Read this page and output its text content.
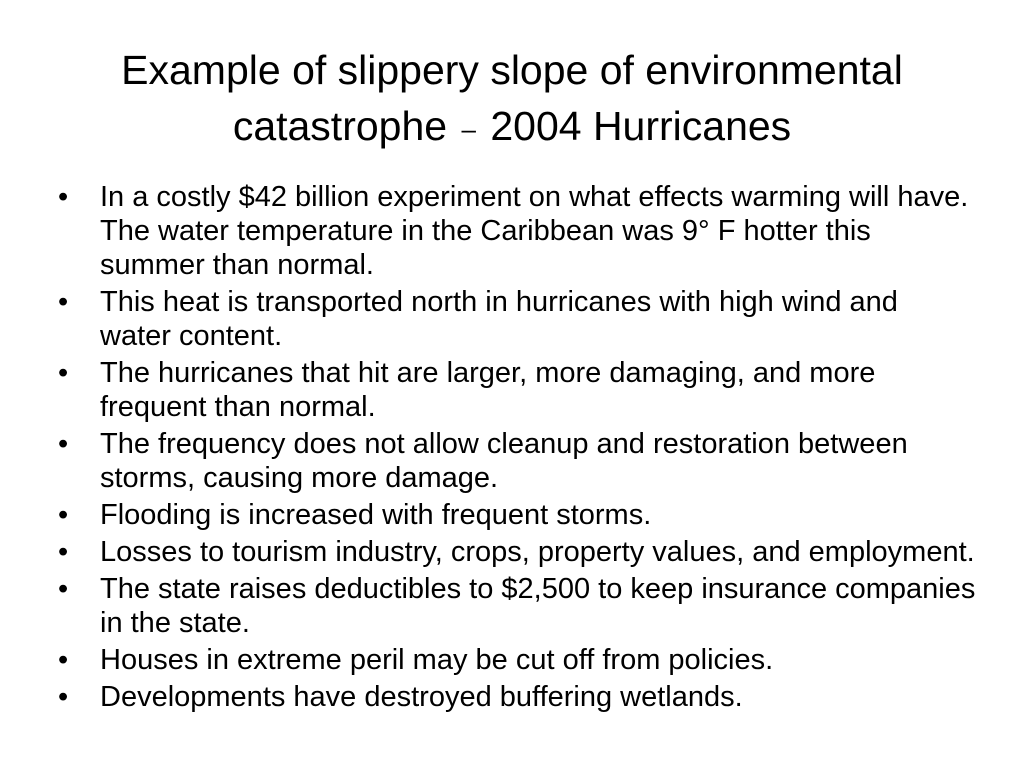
Example of slippery slope of environmental
catastrophe – 2004 Hurricanes
• In a costly $42 billion experiment on what effects warming will have. The water temperature in the Caribbean was 9° F hotter this summer than normal.
• This heat is transported north in hurricanes with high wind and water content.
• The hurricanes that hit are larger, more damaging, and more frequent than normal.
• The frequency does not allow cleanup and restoration between storms, causing more damage.
• Flooding is increased with frequent storms.
• Losses to tourism industry, crops, property values, and employment.
• The state raises deductibles to $2,500 to keep insurance companies in the state.
• Houses in extreme peril may be cut off from policies.
• Developments have destroyed buffering wetlands.
